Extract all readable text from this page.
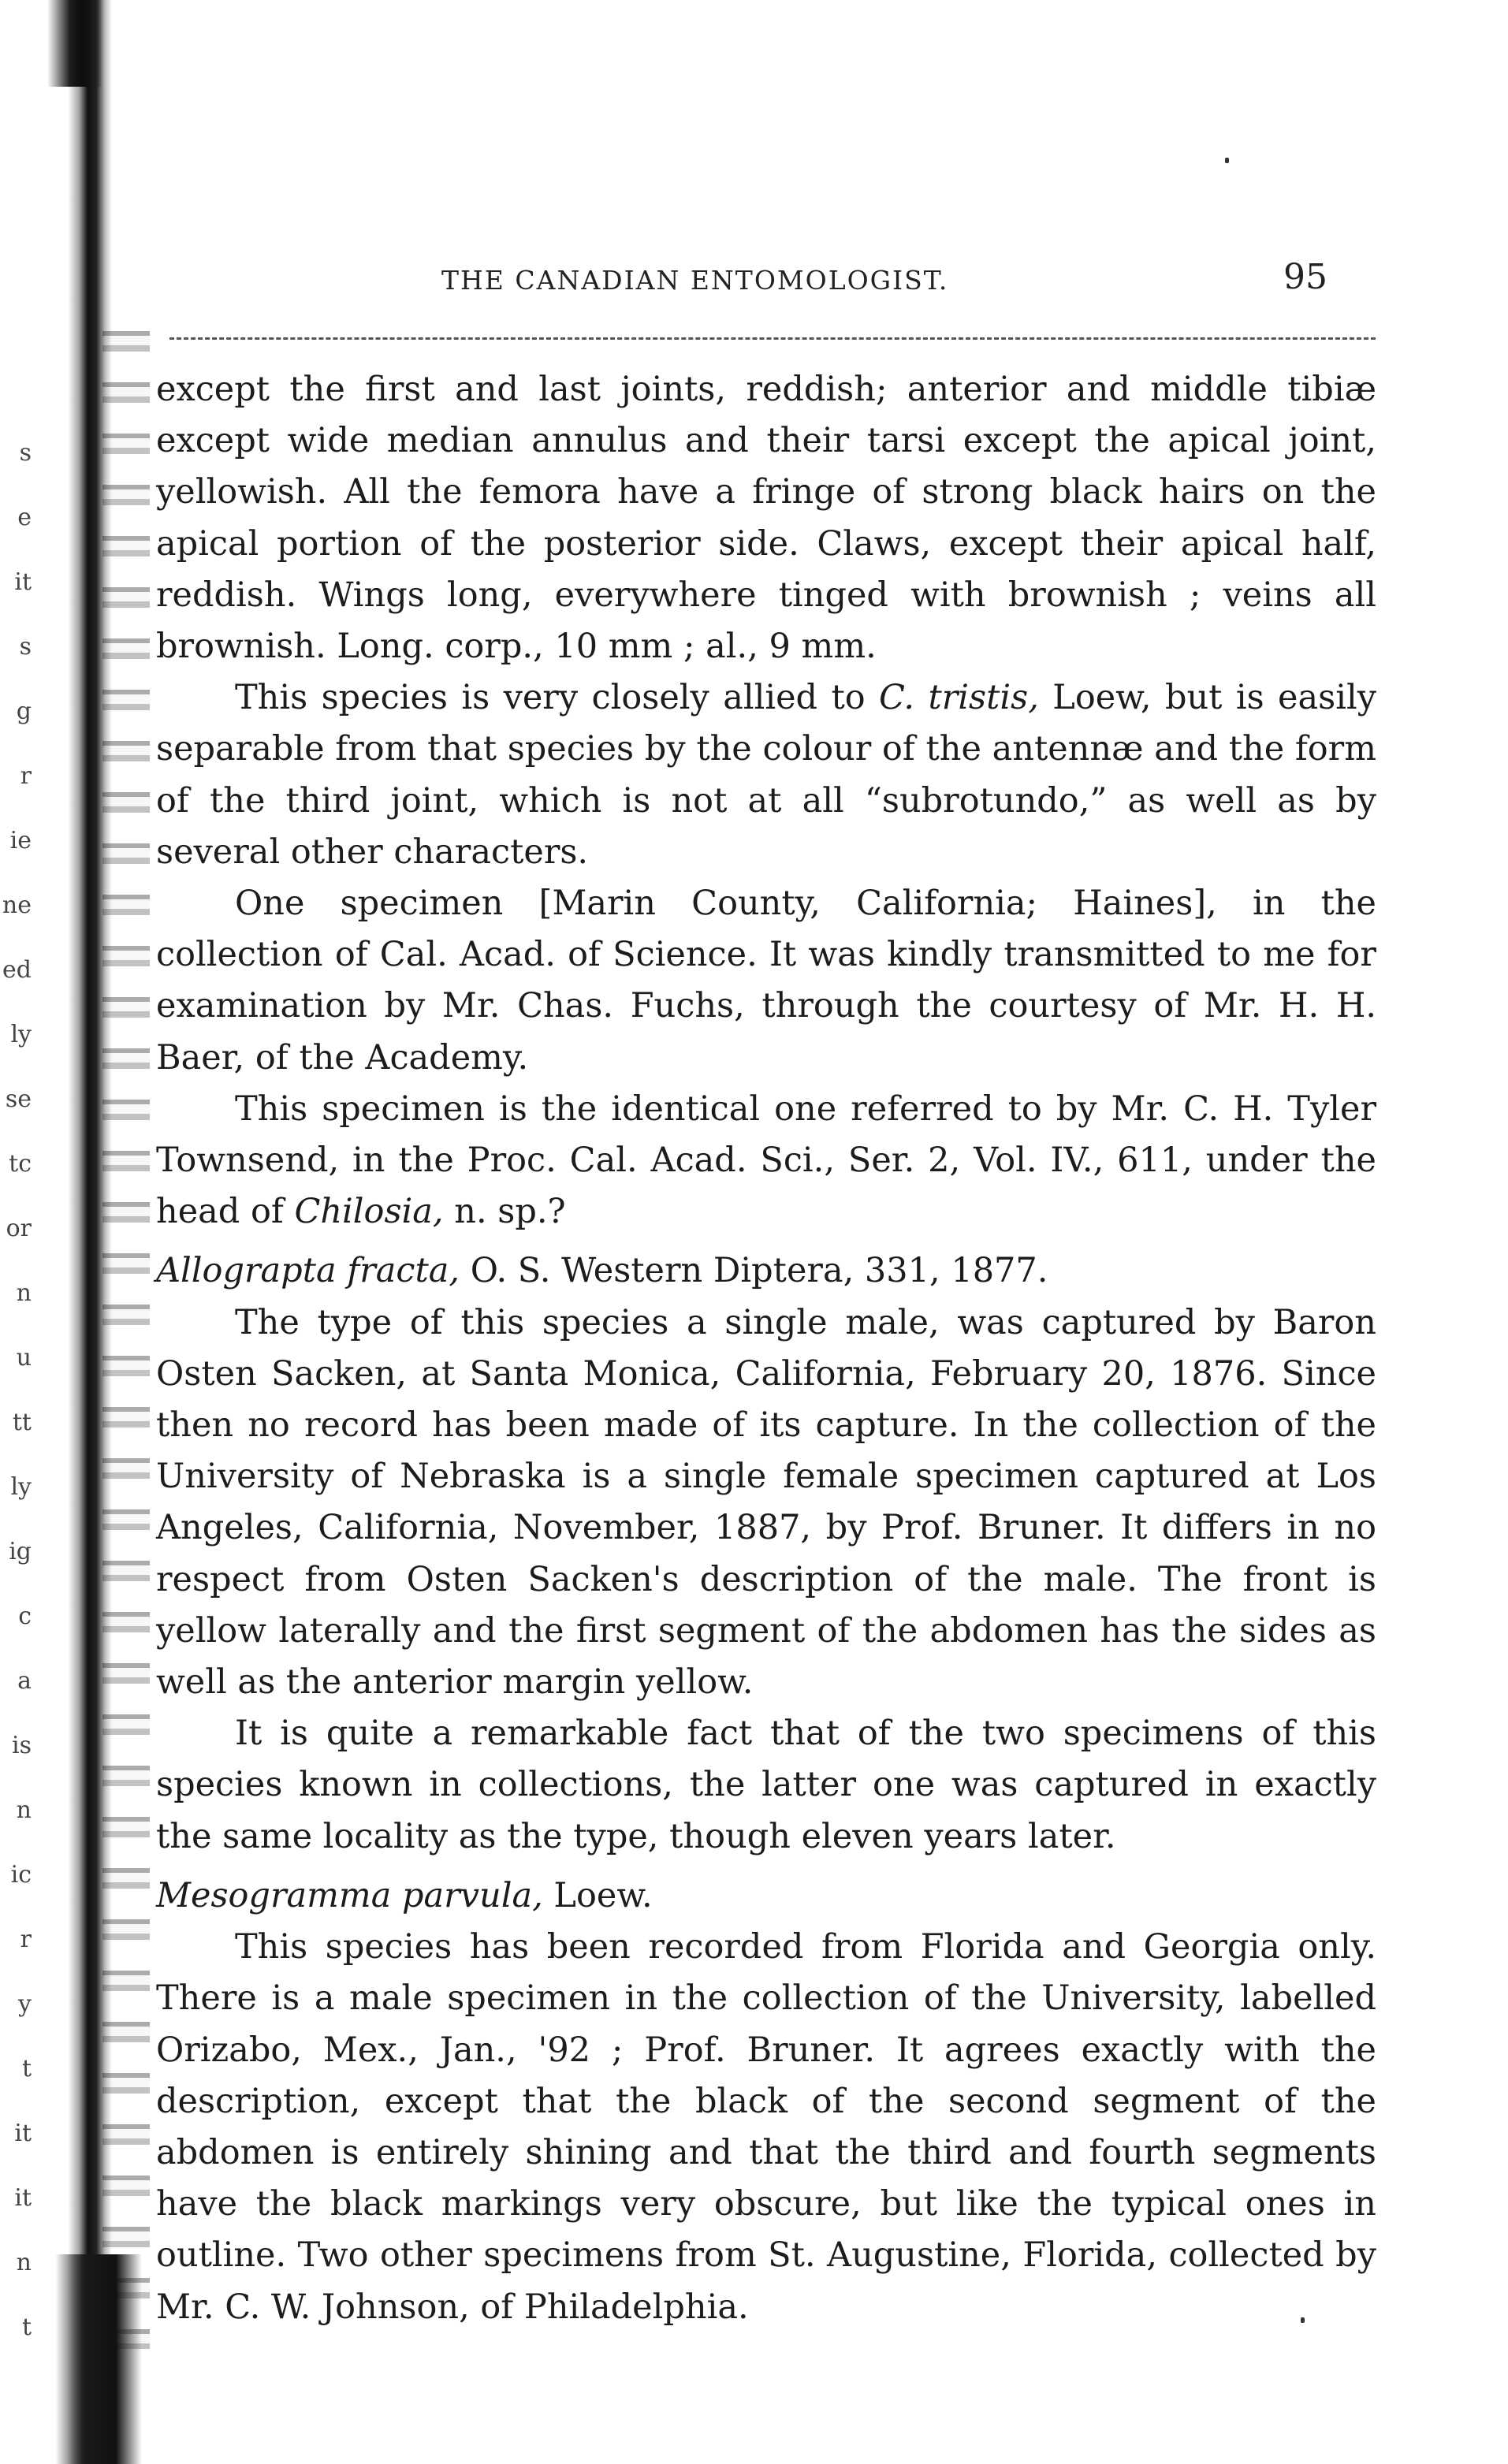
s
e
it
s
g
r
ie
ne
ed
ly
se
tc
or
n
u
tt
ly
ig
c
a
is
n
ic
r
y
t
it
it
n
t
THE CANADIAN ENTOMOLOGIST.	95

except the first and last joints, reddish; anterior and middle tibiæ except wide median annulus and their tarsi except the apical joint, yellowish. All the femora have a fringe of strong black hairs on the apical portion of the posterior side. Claws, except their apical half, reddish. Wings long, everywhere tinged with brownish ; veins all brownish. Long. corp., 10 mm ; al., 9 mm.

This species is very closely allied to C. tristis, Loew, but is easily separable from that species by the colour of the antennæ and the form of the third joint, which is not at all “subrotundo,” as well as by several other characters.

One specimen [Marin County, California; Haines], in the collection of Cal. Acad. of Science. It was kindly transmitted to me for examination by Mr. Chas. Fuchs, through the courtesy of Mr. H. H. Baer, of the Academy.

This specimen is the identical one referred to by Mr. C. H. Tyler Townsend, in the Proc. Cal. Acad. Sci., Ser. 2, Vol. IV., 611, under the head of Chilosia, n. sp.?

Allograpta fracta, O. S. Western Diptera, 331, 1877.

The type of this species a single male, was captured by Baron Osten Sacken, at Santa Monica, California, February 20, 1876. Since then no record has been made of its capture. In the collection of the University of Nebraska is a single female specimen captured at Los Angeles, California, November, 1887, by Prof. Bruner. It differs in no respect from Osten Sacken's description of the male. The front is yellow laterally and the first segment of the abdomen has the sides as well as the anterior margin yellow.

It is quite a remarkable fact that of the two specimens of this species known in collections, the latter one was captured in exactly the same locality as the type, though eleven years later.

Mesogramma parvula, Loew.

This species has been recorded from Florida and Georgia only. There is a male specimen in the collection of the University, labelled Orizabo, Mex., Jan., '92 ; Prof. Bruner. It agrees exactly with the description, except that the black of the second segment of the abdomen is entirely shining and that the third and fourth segments have the black markings very obscure, but like the typical ones in outline. Two other specimens from St. Augustine, Florida, collected by Mr. C. W. Johnson, of Philadelphia.
